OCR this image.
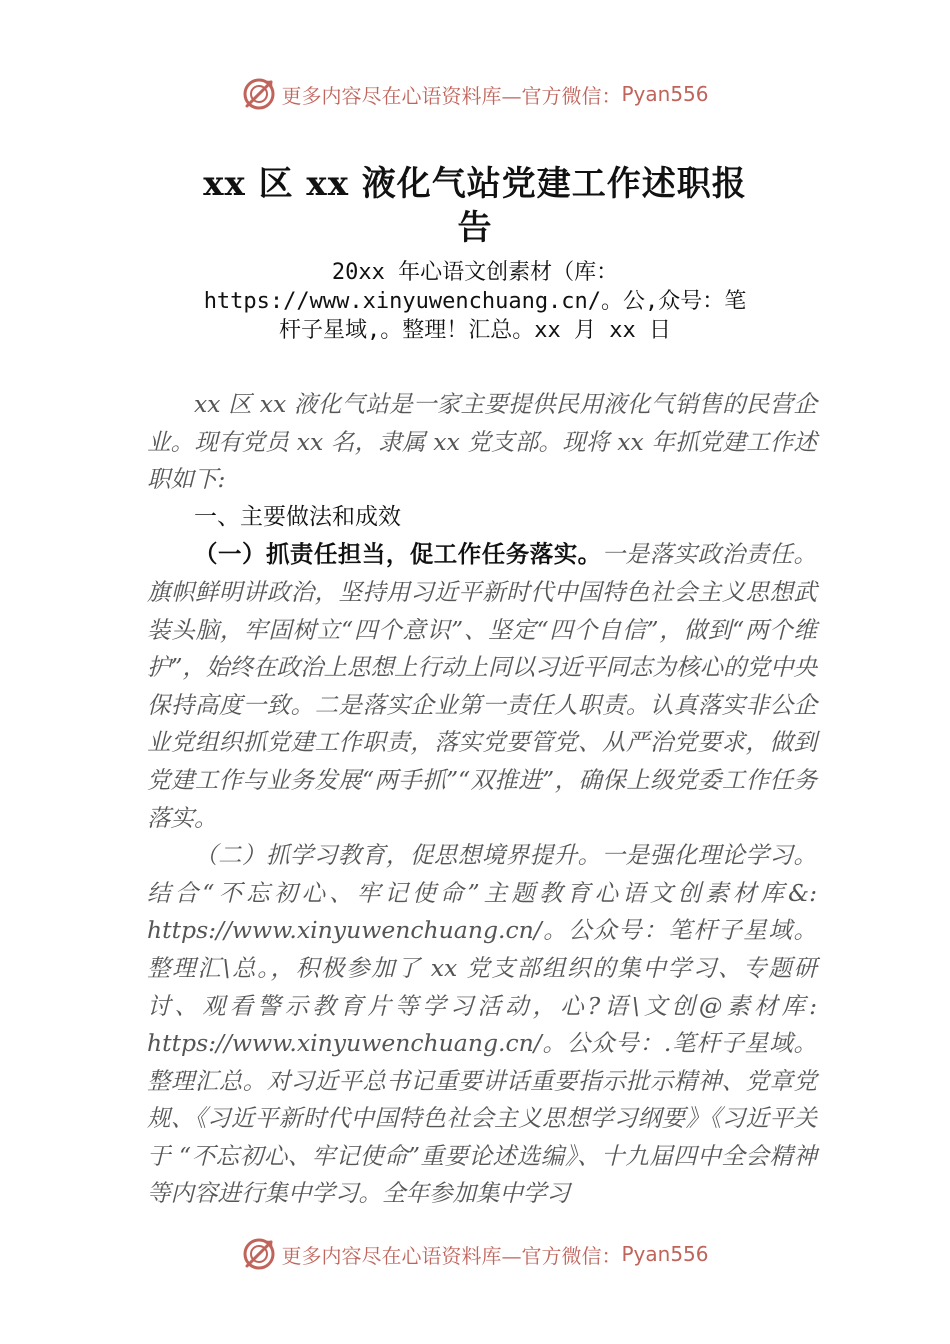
更多内容尽在心语资料库—官方微信： Pyan556
xx 区 xx 液化气站党建工作述职报
告
20xx 年心语文创素材（库：
https://www.xinyuwenchuang.cn/。公,众号：笔
杆子星域,。整理！汇总。xx 月 xx 日

xx 区 xx 液化气站是一家主要提供民用液化气销售的民营企业。现有党员 xx 名，隶属 xx 党支部。现将 xx 年抓党建工作述职如下:

一、主要做法和成效

（一）抓责任担当，促工作任务落实。一是落实政治责任。旗帜鲜明讲政治，坚持用习近平新时代中国特色社会主义思想武装头脑，牢固树立“四个意识”、坚定“四个自信”，做到“两个维护”，始终在政治上思想上行动上同以习近平同志为核心的党中央保持高度一致。二是落实企业第一责任人职责。认真落实非公企业党组织抓党建工作职责，落实党要管党、从严治党要求，做到党建工作与业务发展“两手抓”“双推进”，确保上级党委工作任务落实。

（二）抓学习教育，促思想境界提升。一是强化理论学习。结合“不忘初心、牢记使命”主题教育心语文创素材库&: https://www.xinyuwenchuang.cn/。公众号：笔杆子星域。整理汇\总。，积极参加了 xx 党支部组织的集中学习、专题研讨、观看警示教育片等学习活动，心?语\文创@素材库: https://www.xinyuwenchuang.cn/。公众号：.笔杆子星域。整理汇总。对习近平总书记重要讲话重要指示批示精神、党章党规、《习近平新时代中国特色社会主义思想学习纲要》《习近平关于 “不忘初心、牢记使命”重要论述选编》、十九届四中全会精神等内容进行集中学习。全年参加集中学习

更多内容尽在心语资料库—官方微信： Pyan556
